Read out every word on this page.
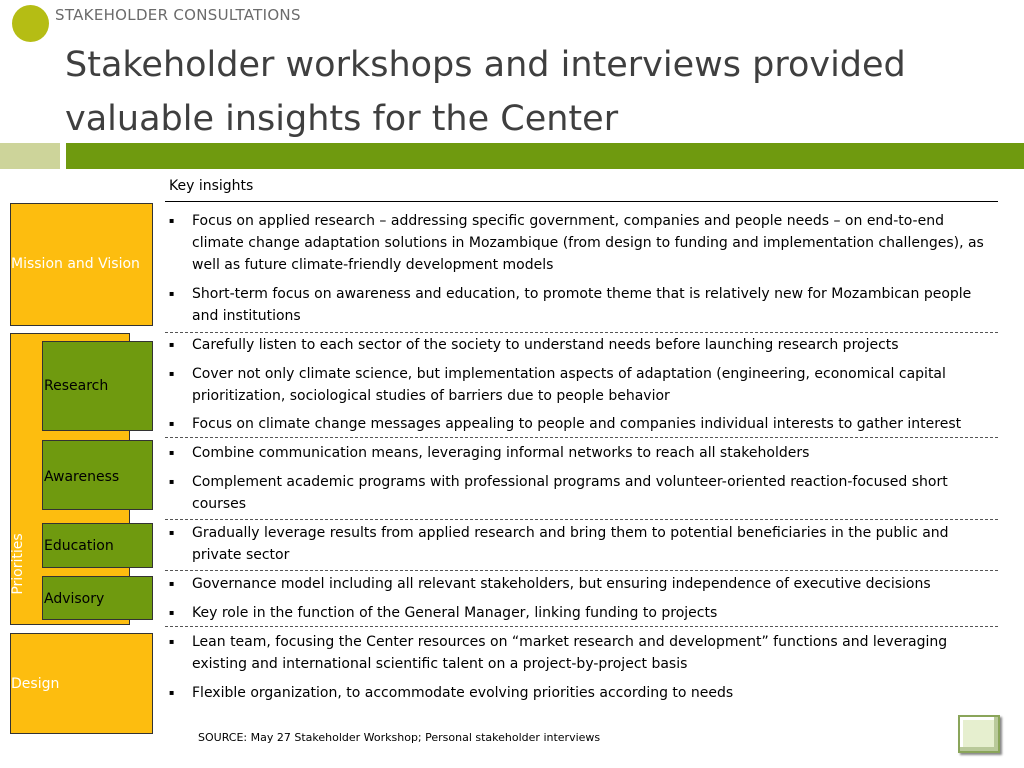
STAKEHOLDER CONSULTATIONS
Stakeholder workshops and interviews provided valuable insights for the Center
Key insights
Mission and Vision
Priorities
Research
Awareness
Education
Advisory
Design
▪ Focus on applied research – addressing specific government, companies and people needs – on end-to-end climate change adaptation solutions in Mozambique (from design to funding and implementation challenges), as well as future climate-friendly development models
▪ Short-term focus on awareness and education, to promote theme that is relatively new for Mozambican people and institutions
▪ Carefully listen to each sector of the society to understand needs before launching research projects
▪ Cover not only climate science, but implementation aspects of adaptation (engineering, economical capital prioritization, sociological studies of barriers due to people behavior
▪ Focus on climate change messages appealing to people and companies individual interests to gather interest
▪ Combine communication means, leveraging informal networks to reach all stakeholders
▪ Complement academic programs with professional programs and volunteer-oriented reaction-focused short courses
▪ Gradually leverage results from applied research and bring them to potential beneficiaries in the public and private sector
▪ Governance model including all relevant stakeholders, but ensuring independence of executive decisions
▪ Key role in the function of the General Manager, linking funding to projects
▪ Lean team, focusing the Center resources on “market research and development” functions and leveraging existing and international scientific talent on a project-by-project basis
▪ Flexible organization, to accommodate evolving priorities according to needs
SOURCE: May 27 Stakeholder Workshop; Personal stakeholder interviews
